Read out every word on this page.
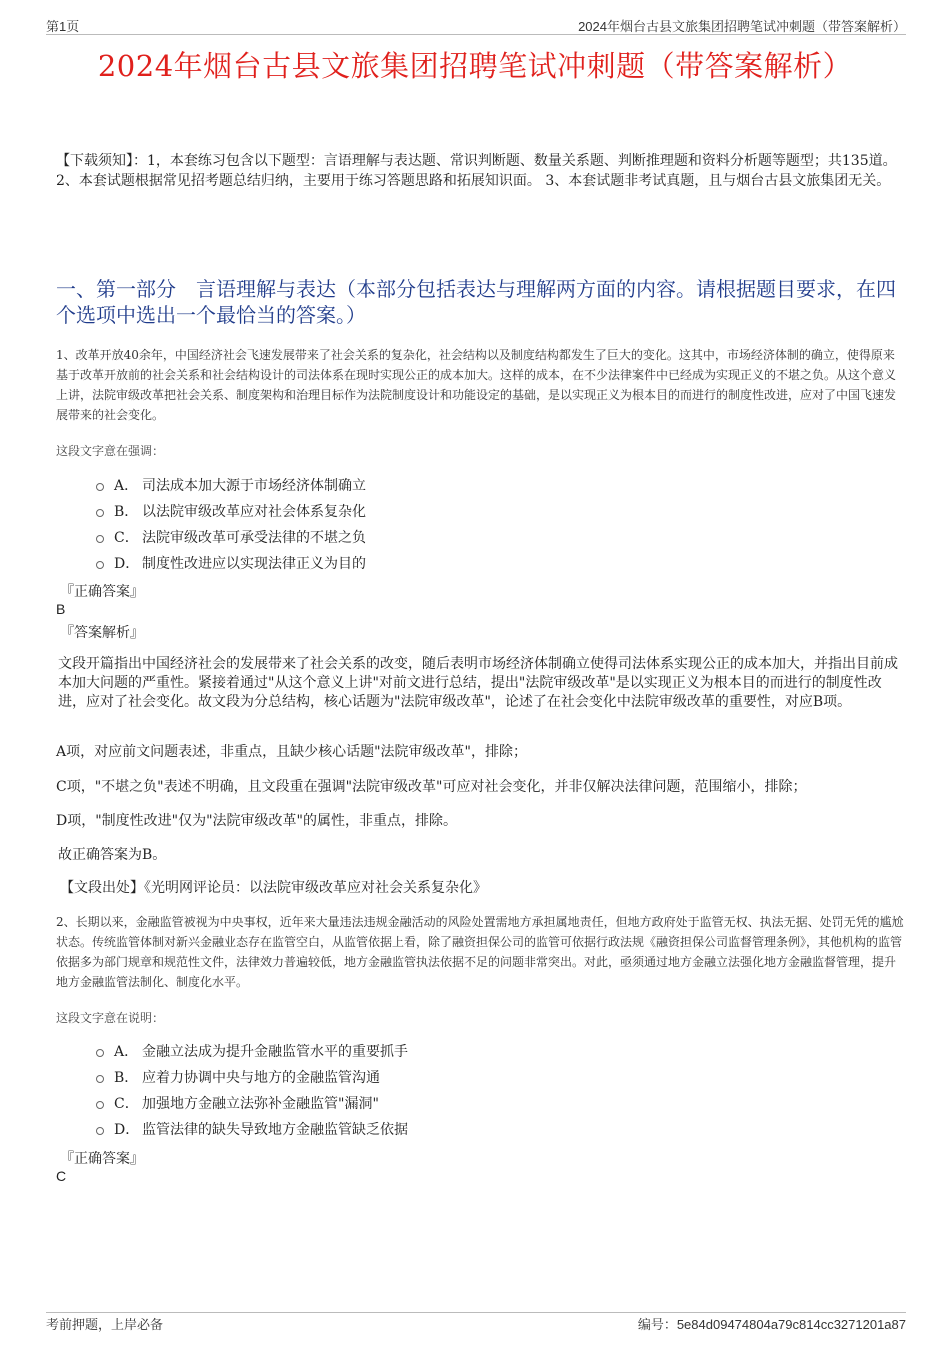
第1页	2024年烟台古县文旅集团招聘笔试冲刺题（带答案解析）
2024年烟台古县文旅集团招聘笔试冲刺题（带答案解析）
【下载须知】：1，本套练习包含以下题型：言语理解与表达题、常识判断题、数量关系题、判断推理题和资料分析题等题型；共135道。 2、本套试题根据常见招考题总结归纳，主要用于练习答题思路和拓展知识面。 3、本套试题非考试真题，且与烟台古县文旅集团无关。
一、第一部分　言语理解与表达（本部分包括表达与理解两方面的内容。请根据题目要求，在四个选项中选出一个最恰当的答案。）
1、改革开放40余年，中国经济社会飞速发展带来了社会关系的复杂化，社会结构以及制度结构都发生了巨大的变化。这其中，市场经济体制的确立，使得原来基于改革开放前的社会关系和社会结构设计的司法体系在现时实现公正的成本加大。这样的成本，在不少法律案件中已经成为实现正义的不堪之负。从这个意义上讲，法院审级改革把社会关系、制度架构和治理目标作为法院制度设计和功能设定的基础，是以实现正义为根本目的而进行的制度性改进，应对了中国飞速发展带来的社会变化。
这段文字意在强调：
A． 司法成本加大源于市场经济体制确立
B． 以法院审级改革应对社会体系复杂化
C． 法院审级改革可承受法律的不堪之负
D． 制度性改进应以实现法律正义为目的
『正确答案』
B
『答案解析』
文段开篇指出中国经济社会的发展带来了社会关系的改变，随后表明市场经济体制确立使得司法体系实现公正的成本加大，并指出目前成本加大问题的严重性。紧接着通过"从这个意义上讲"对前文进行总结，提出"法院审级改革"是以实现正义为根本目的而进行的制度性改进，应对了社会变化。故文段为分总结构，核心话题为"法院审级改革"，论述了在社会变化中法院审级改革的重要性，对应B项。
A项，对应前文问题表述，非重点，且缺少核心话题"法院审级改革"，排除；
C项，"不堪之负"表述不明确，且文段重在强调"法院审级改革"可应对社会变化，并非仅解决法律问题，范围缩小，排除；
D项，"制度性改进"仅为"法院审级改革"的属性，非重点，排除。
故正确答案为B。
【文段出处】《光明网评论员：以法院审级改革应对社会关系复杂化》
2、长期以来，金融监管被视为中央事权，近年来大量违法违规金融活动的风险处置需地方承担属地责任，但地方政府处于监管无权、执法无据、处罚无凭的尴尬状态。传统监管体制对新兴金融业态存在监管空白，从监管依据上看，除了融资担保公司的监管可依据行政法规《融资担保公司监督管理条例》，其他机构的监管依据多为部门规章和规范性文件，法律效力普遍较低，地方金融监管执法依据不足的问题非常突出。对此，亟须通过地方金融立法强化地方金融监督管理，提升地方金融监管法制化、制度化水平。
这段文字意在说明：
A． 金融立法成为提升金融监管水平的重要抓手
B． 应着力协调中央与地方的金融监管沟通
C． 加强地方金融立法弥补金融监管"漏洞"
D． 监管法律的缺失导致地方金融监管缺乏依据
『正确答案』
C
考前押题，上岸必备	编号：5e84d09474804a79c814cc3271201a87
